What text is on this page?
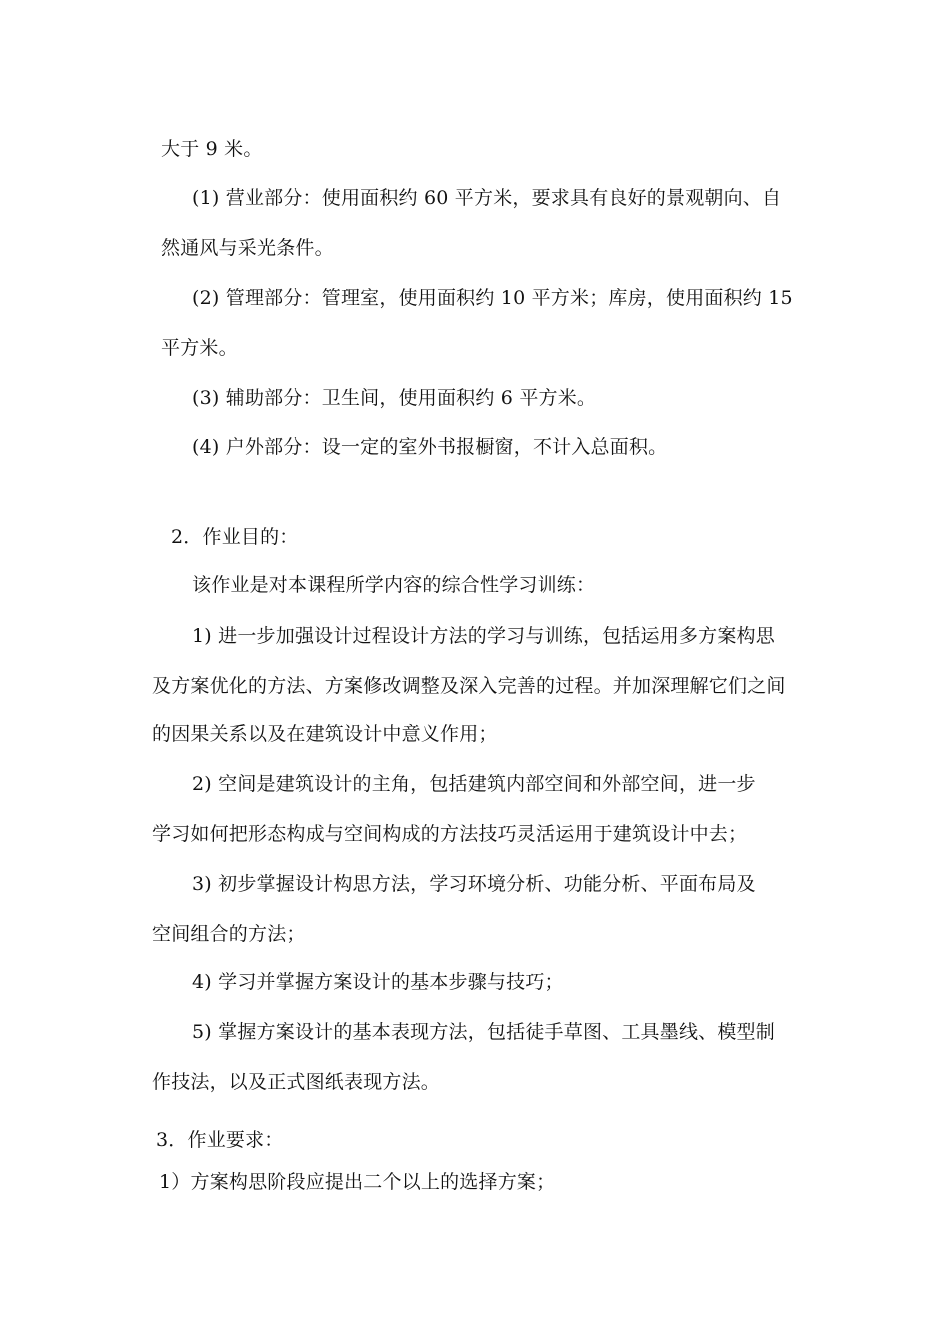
大于 9 米。

(1) 营业部分：使用面积约 60 平方米，要求具有良好的景观朝向、自

然通风与采光条件。

(2) 管理部分：管理室，使用面积约 10 平方米；库房，使用面积约 15

平方米。

(3) 辅助部分：卫生间，使用面积约 6 平方米。

(4) 户外部分：设一定的室外书报橱窗，不计入总面积。

2．作业目的：

该作业是对本课程所学内容的综合性学习训练：

1) 进一步加强设计过程设计方法的学习与训练，包括运用多方案构思

及方案优化的方法、方案修改调整及深入完善的过程。并加深理解它们之间

的因果关系以及在建筑设计中意义作用；

2) 空间是建筑设计的主角，包括建筑内部空间和外部空间，进一步

学习如何把形态构成与空间构成的方法技巧灵活运用于建筑设计中去；

3) 初步掌握设计构思方法，学习环境分析、功能分析、平面布局及

空间组合的方法；

4) 学习并掌握方案设计的基本步骤与技巧；

5) 掌握方案设计的基本表现方法，包括徒手草图、工具墨线、模型制

作技法，以及正式图纸表现方法。

3．作业要求：

1）方案构思阶段应提出二个以上的选择方案；
